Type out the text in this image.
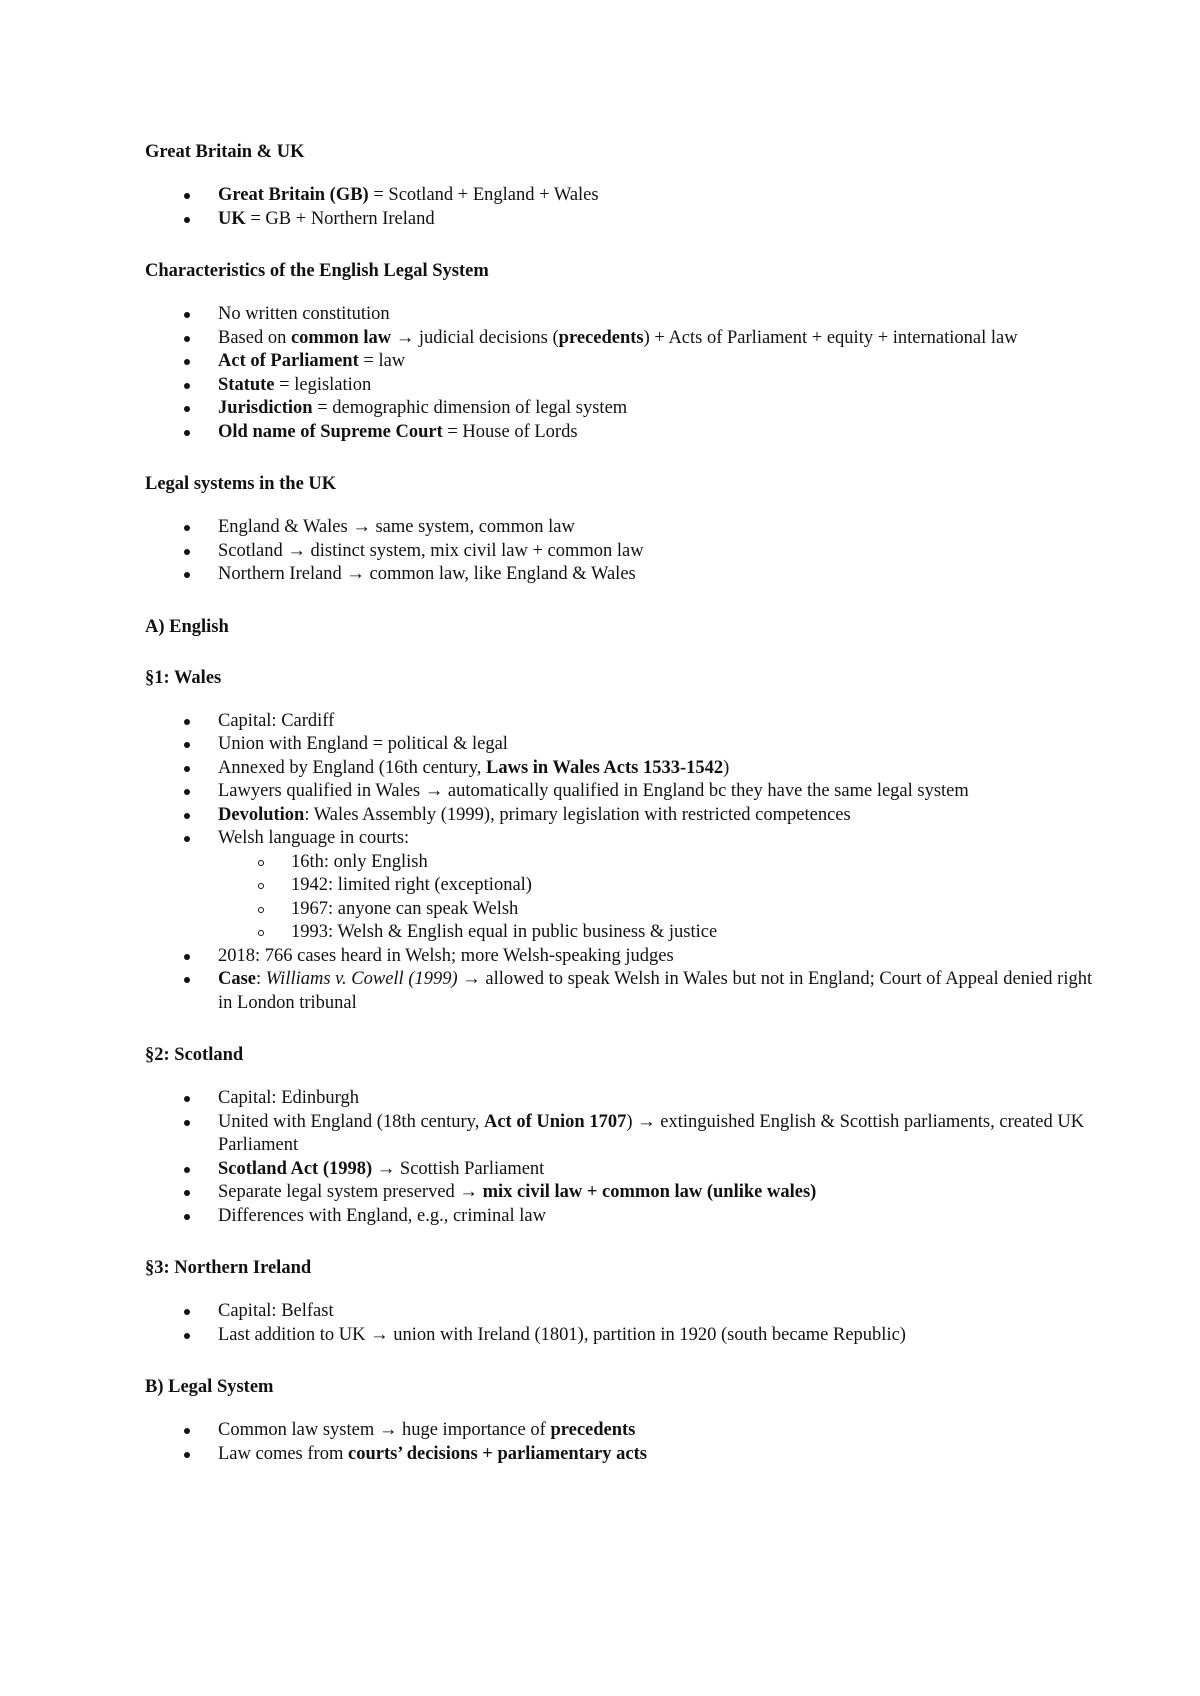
Great Britain & UK

Great Britain (GB) = Scotland + England + Wales
UK = GB + Northern Ireland

Characteristics of the English Legal System

No written constitution
Based on common law → judicial decisions (precedents) + Acts of Parliament + equity + international law
Act of Parliament = law
Statute = legislation
Jurisdiction = demographic dimension of legal system
Old name of Supreme Court = House of Lords

Legal systems in the UK

England & Wales → same system, common law
Scotland → distinct system, mix civil law + common law
Northern Ireland → common law, like England & Wales

A) English

§1: Wales

Capital: Cardiff
Union with England = political & legal
Annexed by England (16th century, Laws in Wales Acts 1533-1542)
Lawyers qualified in Wales → automatically qualified in England bc they have the same legal system
Devolution: Wales Assembly (1999), primary legislation with restricted competences
Welsh language in courts:
16th: only English
1942: limited right (exceptional)
1967: anyone can speak Welsh
1993: Welsh & English equal in public business & justice
2018: 766 cases heard in Welsh; more Welsh-speaking judges
Case: Williams v. Cowell (1999) → allowed to speak Welsh in Wales but not in England; Court of Appeal denied right in London tribunal

§2: Scotland

Capital: Edinburgh
United with England (18th century, Act of Union 1707) → extinguished English & Scottish parliaments, created UK Parliament
Scotland Act (1998) → Scottish Parliament
Separate legal system preserved → mix civil law + common law (unlike wales)
Differences with England, e.g., criminal law

§3: Northern Ireland

Capital: Belfast
Last addition to UK → union with Ireland (1801), partition in 1920 (south became Republic)

B) Legal System

Common law system → huge importance of precedents
Law comes from courts’ decisions + parliamentary acts
